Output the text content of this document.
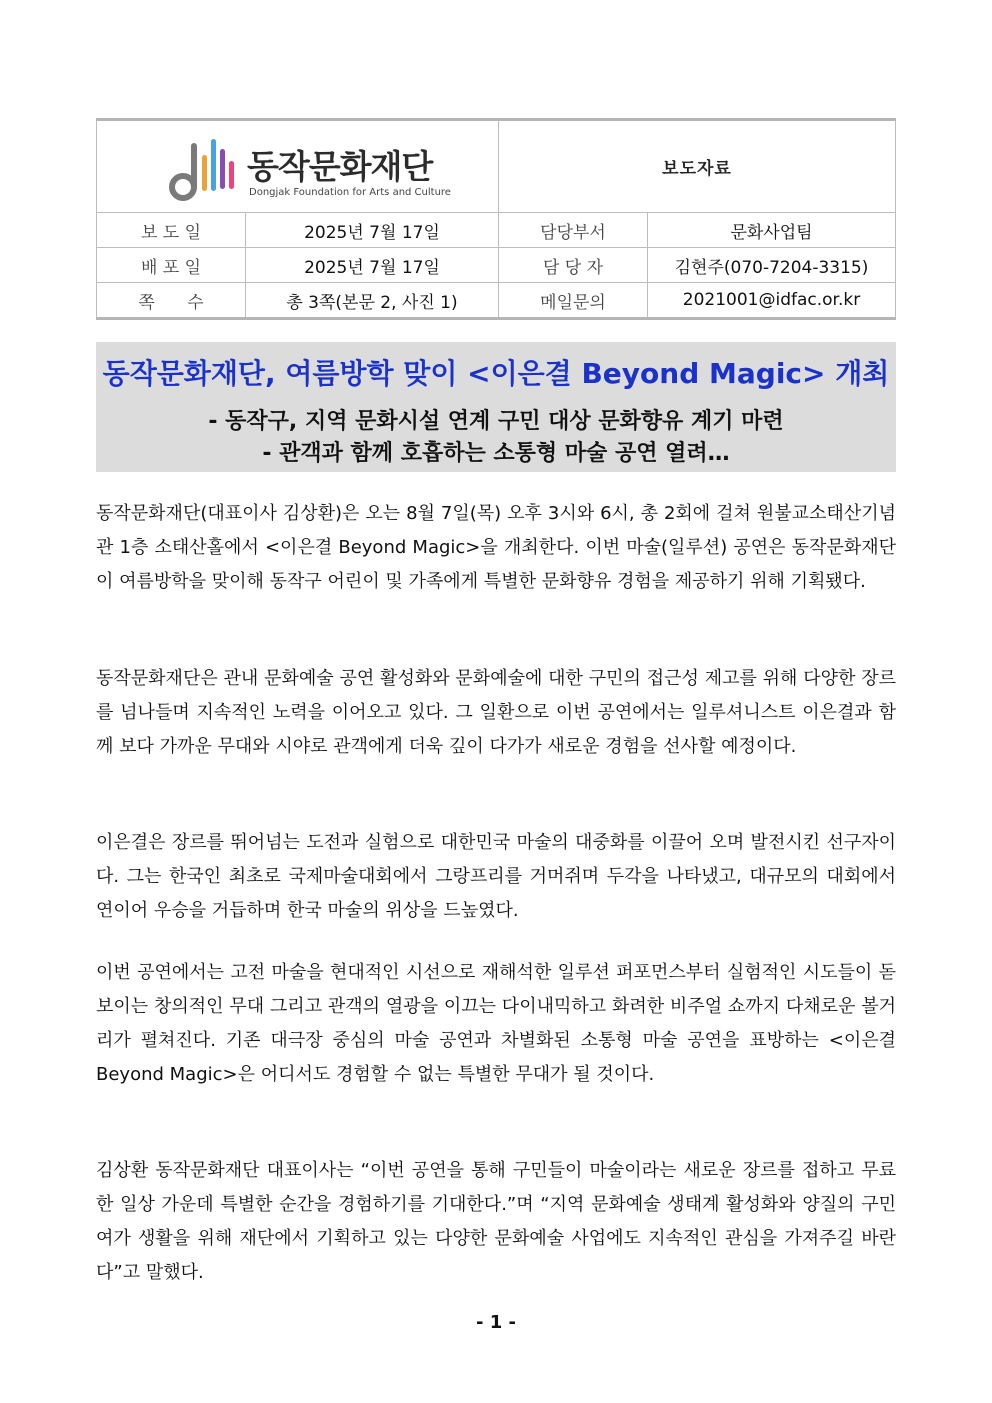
동작문화재단
Dongjak Foundation for Arts and Culture		보도자료	
보 도 일	2025년 7월 17일	담당부서	문화사업팀
배 포 일	2025년 7월 17일	담 당 자	김현주(070-7204-3315)
쪽      수	총 3쪽(본문 2, 사진 1)	메일문의	2021001@idfac.or.kr
동작문화재단, 여름방학 맞이 <이은결 Beyond Magic> 개최
- 동작구, 지역 문화시설 연계 구민 대상 문화향유 계기 마련
- 관객과 함께 호흡하는 소통형 마술 공연 열려…
동작문화재단(대표이사 김상환)은 오는 8월 7일(목) 오후 3시와 6시, 총 2회에 걸쳐 원불교소태산기념관 1층 소태산홀에서 <이은결 Beyond Magic>을 개최한다. 이번 마술(일루션) 공연은 동작문화재단이 여름방학을 맞이해 동작구 어린이 및 가족에게 특별한 문화향유 경험을 제공하기 위해 기획됐다.
동작문화재단은 관내 문화예술 공연 활성화와 문화예술에 대한 구민의 접근성 제고를 위해 다양한 장르를 넘나들며 지속적인 노력을 이어오고 있다. 그 일환으로 이번 공연에서는 일루셔니스트 이은결과 함께 보다 가까운 무대와 시야로 관객에게 더욱 깊이 다가가 새로운 경험을 선사할 예정이다.
이은결은 장르를 뛰어넘는 도전과 실험으로 대한민국 마술의 대중화를 이끌어 오며 발전시킨 선구자이다. 그는 한국인 최초로 국제마술대회에서 그랑프리를 거머쥐며 두각을 나타냈고, 대규모의 대회에서 연이어 우승을 거듭하며 한국 마술의 위상을 드높였다.
이번 공연에서는 고전 마술을 현대적인 시선으로 재해석한 일루션 퍼포먼스부터 실험적인 시도들이 돋보이는 창의적인 무대 그리고 관객의 열광을 이끄는 다이내믹하고 화려한 비주얼 쇼까지 다채로운 볼거리가 펼쳐진다. 기존 대극장 중심의 마술 공연과 차별화된 소통형 마술 공연을 표방하는 <이은결 Beyond Magic>은 어디서도 경험할 수 없는 특별한 무대가 될 것이다.
김상환 동작문화재단 대표이사는 “이번 공연을 통해 구민들이 마술이라는 새로운 장르를 접하고 무료한 일상 가운데 특별한 순간을 경험하기를 기대한다.”며 “지역 문화예술 생태계 활성화와 양질의 구민 여가 생활을 위해 재단에서 기획하고 있는 다양한 문화예술 사업에도 지속적인 관심을 가져주길 바란다”고 말했다.
- 1 -
